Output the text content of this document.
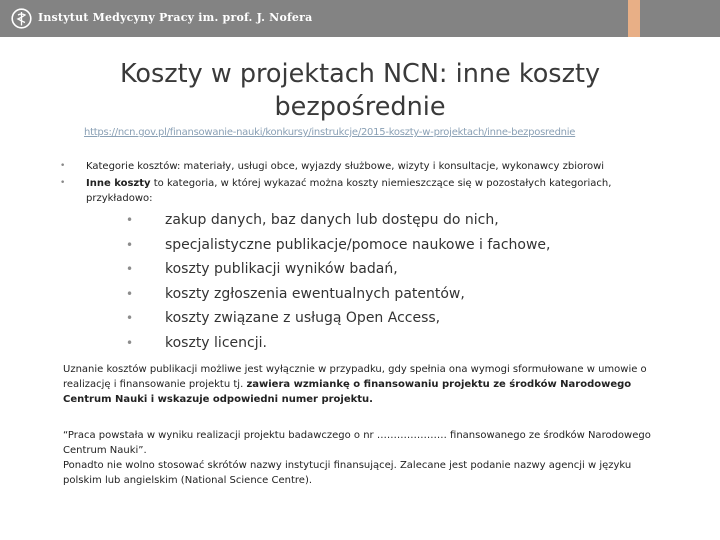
Instytut Medycyny Pracy im. prof. J. Nofera
Koszty w projektach NCN: inne koszty
bezpośrednie
https://ncn.gov.pl/finansowanie-nauki/konkursy/instrukcje/2015-koszty-w-projektach/inne-bezposrednie
• Kategorie kosztów: materiały, usługi obce, wyjazdy służbowe, wizyty i konsultacje, wykonawcy zbiorowi
• Inne koszty to kategoria, w której wykazać można koszty niemieszczące się w pozostałych kategoriach, przykładowo:
• zakup danych, baz danych lub dostępu do nich,
• specjalistyczne publikacje/pomoce naukowe i fachowe,
• koszty publikacji wyników badań,
• koszty zgłoszenia ewentualnych patentów,
• koszty związane z usługą Open Access,
• koszty licencji.
Uznanie kosztów publikacji możliwe jest wyłącznie w przypadku, gdy spełnia ona wymogi sformułowane w umowie o realizację i finansowanie projektu tj. zawiera wzmiankę o finansowaniu projektu ze środków Narodowego Centrum Nauki i wskazuje odpowiedni numer projektu.
“Praca powstała w wyniku realizacji projektu badawczego o nr ………………… finansowanego ze środków Narodowego Centrum Nauki”.
Ponadto nie wolno stosować skrótów nazwy instytucji finansującej. Zalecane jest podanie nazwy agencji w języku polskim lub angielskim (National Science Centre).
